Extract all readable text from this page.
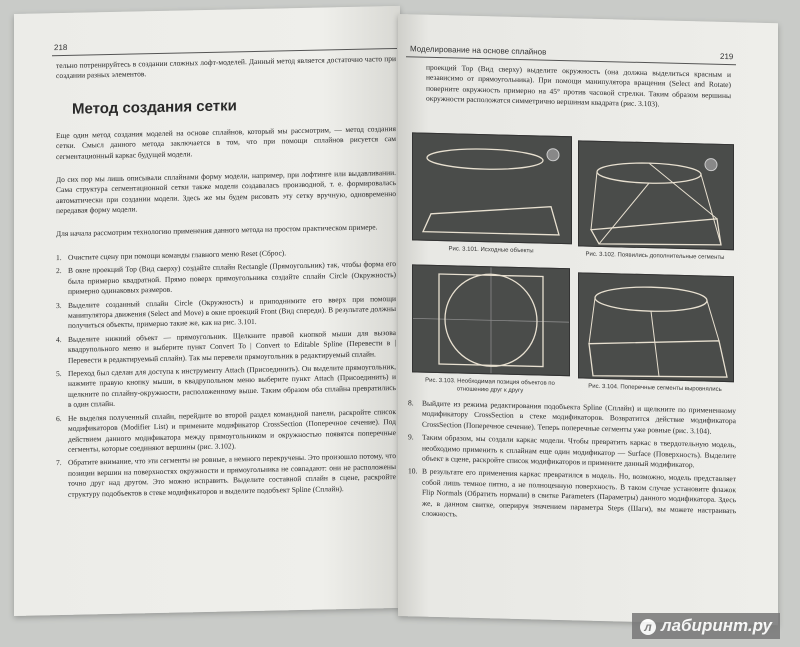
218
тельно потренируйтесь в создании сложных лофт-моделей. Данный метод является достаточно часто при создании разных элементов.
Метод создания сетки
Еще один метод создания моделей на основе сплайнов, который мы рассмотрим, — метод создания сетки. Смысл данного метода заключается в том, что при помощи сплайнов рисуется сам сегментационный каркас будущей модели.
До сих пор мы лишь описывали сплайнами форму модели, например, при лофтинге или выдавливании. Сама структура сегментационной сетки также модели создавалась производной, т. е. формировалась автоматически при создании модели. Здесь же мы будем рисовать эту сетку вручную, одновременно передавая форму модели.
Для начала рассмотрим технологию применения данного метода на простом практическом примере.
1. Очистите сцену при помощи команды главного меню Reset (Сброс).
2. В окне проекций Top (Вид сверху) создайте сплайн Rectangle (Прямоугольник) так, чтобы форма его была примерно квадратной. Прямо поверх прямоугольника создайте сплайн Circle (Окружность) примерно одинаковых размеров.
3. Выделите созданный сплайн Circle (Окружность) и приподнимите его вверх при помощи манипулятора движения (Select and Move) в окне проекций Front (Вид спереди). В результате должны получиться объекты, примерно такие же, как на рис. 3.101.
4. Выделите нижний объект — прямоугольник. Щелкните правой кнопкой мыши для вызова квадрупольного меню и выберите пункт Convert To | Convert to Editable Spline (Перевести в | Перевести в редактируемый сплайн). Так мы перевели прямоугольник в редактируемый сплайн.
5. Переход был сделан для доступа к инструменту Attach (Присоединить). Он выделите прямоугольник, нажмите правую кнопку мыши, в квадрупольном меню выберите пункт Attach (Присоединить) и щелкните по сплайну-окружности, расположенному выше. Таким образом оба сплайна превратились в один сплайн.
6. Не выделяя полученный сплайн, перейдите во второй раздел командной панели, раскройте список модификаторов (Modifier List) и примените модификатор CrossSection (Поперечное сечение). Под действием данного модификатора между прямоугольником и окружностью появятся поперечные сегменты, которые соединяют вершины (рис. 3.102).
7. Обратите внимание, что эти сегменты не ровные, а немного перекручены. Это произошло потому, что позиции вершин на поверхностях окружности и прямоугольника не совпадают: они не расположены точно друг над другом. Это можно исправить. Выделите составной сплайн в сцене, раскройте структуру подобъектов в стеке модификаторов и выделите подобъект Spline (Сплайн).
Моделирование на основе сплайнов	219
проекций Top (Вид сверху) выделите окружность (она должна выделиться красным и независимо от прямоугольника). При помощи манипулятора вращения (Select and Rotate) поверните окружность примерно на 45° против часовой стрелки. Таким образом вершины окружности расположатся симметрично вершинам квадрата (рис. 3.103).
Рис. 3.101. Исходные объекты
Рис. 3.102. Появились дополнительные сегменты
Рис. 3.103. Необходимая позиция объектов по отношению друг к другу	Рис. 3.104. Поперечные сегменты выровнялись
8. Выйдите из режима редактирования подобъекта Spline (Сплайн) и щелкните по примененному модификатору CrossSection в стеке модификаторов. Возвратится действие модификатора CrossSection (Поперечное сечение). Теперь поперечные сегменты уже ровные (рис. 3.104).
9. Таким образом, мы создали каркас модели. Чтобы превратить каркас в твердотельную модель, необходимо применить к сплайнам еще один модификатор — Surface (Поверхность). Выделите объект в сцене, раскройте список модификаторов и примените данный модификатор.
10. В результате его применения каркас превратился в модель. Но, возможно, модель представляет собой лишь темное пятно, а не полноценную поверхность. В таком случае установите флажок Flip Normals (Обратить нормали) в свитке Parameters (Параметры) данного модификатора. Здесь же, в данном свитке, оперируя значением параметра Steps (Шаги), вы можете настраивать сложность.
л лабиринт.ру
